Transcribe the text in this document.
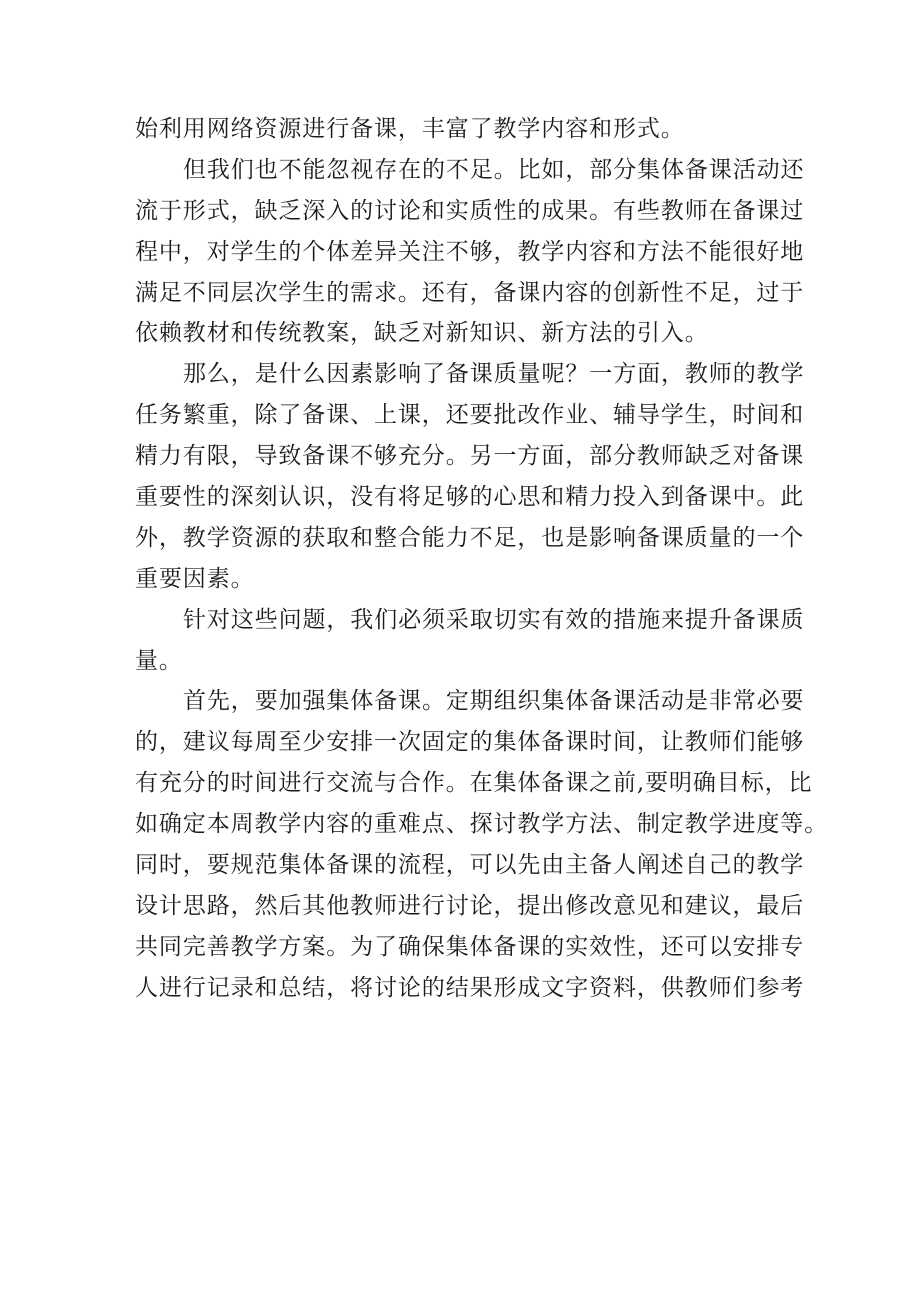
始利用网络资源进行备课，丰富了教学内容和形式。
但我们也不能忽视存在的不足。比如，部分集体备课活动还
流于形式，缺乏深入的讨论和实质性的成果。有些教师在备课过
程中，对学生的个体差异关注不够，教学内容和方法不能很好地
满足不同层次学生的需求。还有，备课内容的创新性不足，过于
依赖教材和传统教案，缺乏对新知识、新方法的引入。
那么，是什么因素影响了备课质量呢？一方面，教师的教学
任务繁重，除了备课、上课，还要批改作业、辅导学生，时间和
精力有限，导致备课不够充分。另一方面，部分教师缺乏对备课
重要性的深刻认识，没有将足够的心思和精力投入到备课中。此
外，教学资源的获取和整合能力不足，也是影响备课质量的一个
重要因素。
针对这些问题，我们必须采取切实有效的措施来提升备课质
量。
首先，要加强集体备课。定期组织集体备课活动是非常必要
的，建议每周至少安排一次固定的集体备课时间，让教师们能够
有充分的时间进行交流与合作。在集体备课之前,要明确目标，比
如确定本周教学内容的重难点、探讨教学方法、制定教学进度等。
同时，要规范集体备课的流程，可以先由主备人阐述自己的教学
设计思路，然后其他教师进行讨论，提出修改意见和建议，最后
共同完善教学方案。为了确保集体备课的实效性，还可以安排专
人进行记录和总结，将讨论的结果形成文字资料，供教师们参考
